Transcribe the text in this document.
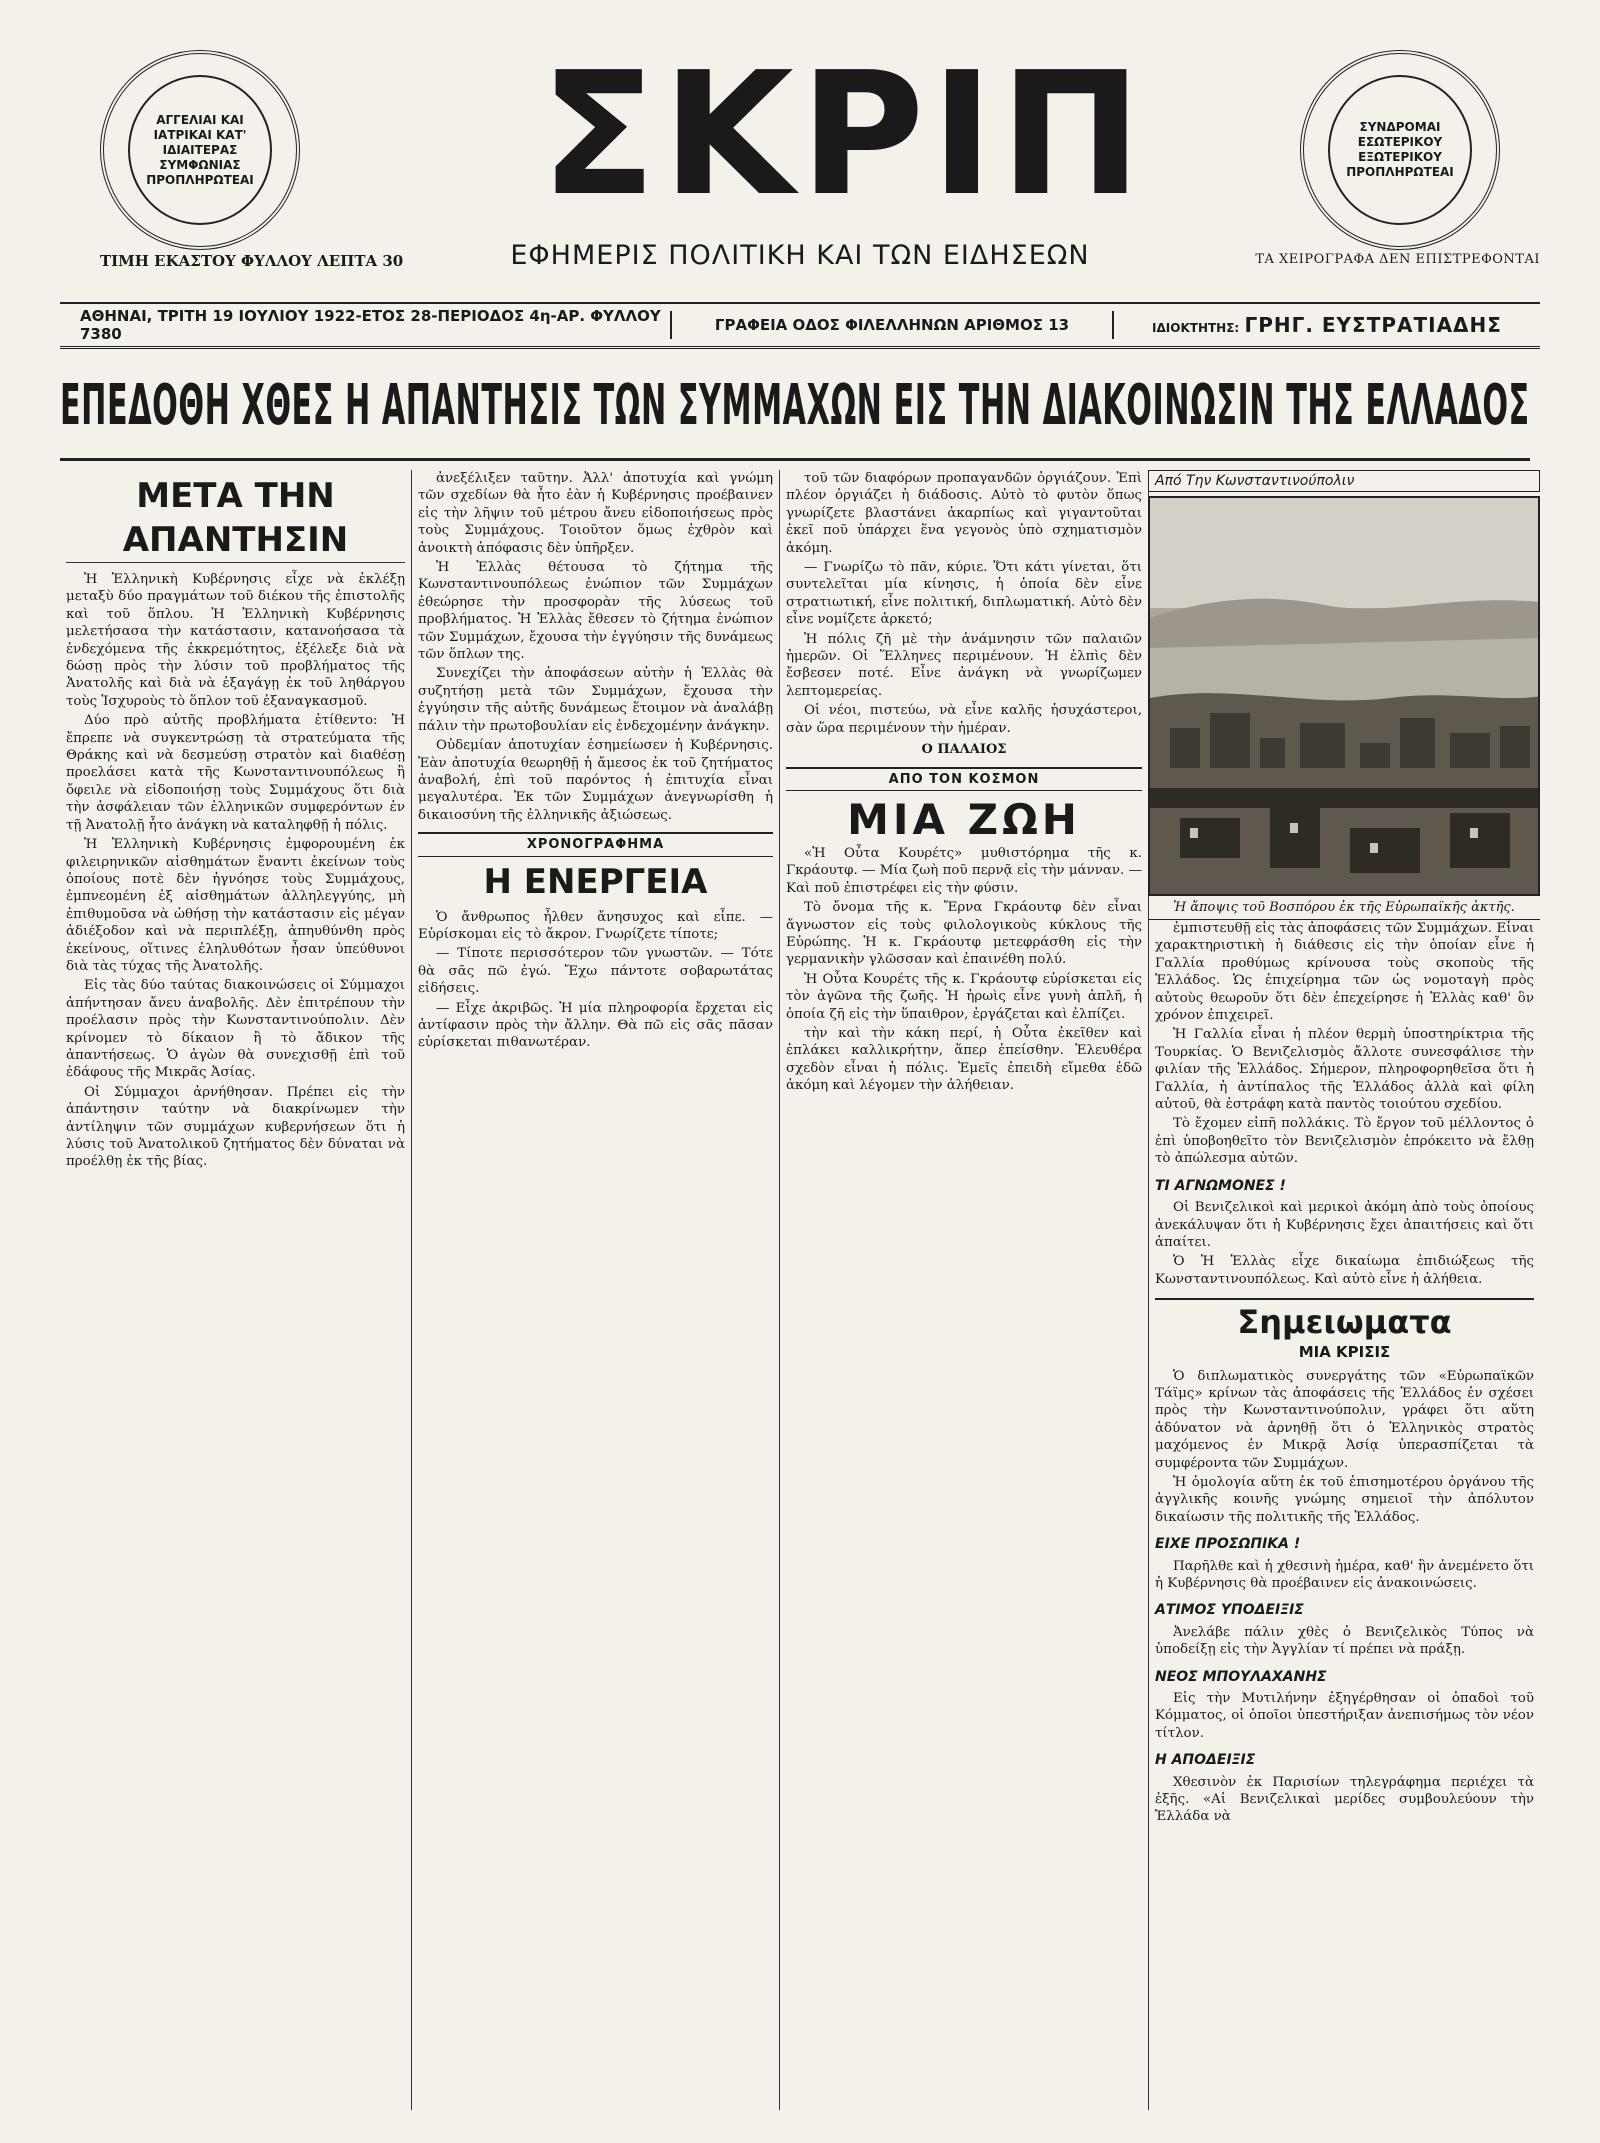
ΑΓΓΕΛΙΑΙ ΚΑΙ ΙΑΤΡΙΚΑΙ ΚΑΤ' ΙΔΙΑΙΤΕΡΑΣ ΣΥΜΦΩΝΙΑΣ ΠΡΟΠΛΗΡΩΤΕΑΙ ΣΚΡΙΠ	ΣΥΝΔΡΟΜΑΙ ΕΣΩΤΕΡΙΚΟΥ ΕΞΩΤΕΡΙΚΟΥ ΠΡΟΠΛΗΡΩΤΕΑΙ
ΤΙΜΗ ΕΚΑΣΤΟΥ ΦΥΛΛΟΥ ΛΕΠΤΑ 30	ΕΦΗΜΕΡΙΣ ΠΟΛΙΤΙΚΗ ΚΑΙ ΤΩΝ ΕΙΔΗΣΕΩΝ	ΤΑ ΧΕΙΡΟΓΡΑΦΑ ΔΕΝ ΕΠΙΣΤΡΕΦΟΝΤΑΙ
ΑΘΗΝΑΙ, ΤΡΙΤΗ 19 ΙΟΥΛΙΟΥ 1922-ΕΤΟΣ 28-ΠΕΡΙΟΔΟΣ 4η-ΑΡ. ΦΥΛΛΟΥ 7380	ΓΡΑΦΕΙΑ ΟΔΟΣ ΦΙΛΕΛΛΗΝΩΝ ΑΡΙΘΜΟΣ 13	ΙΔΙΟΚΤΗΤΗΣ: ΓΡΗΓ. ΕΥΣΤΡΑΤΙΑΔΗΣ
ΕΠΕΔΟΘΗ ΧΘΕΣ Η ΑΠΑΝΤΗΣΙΣ ΤΩΝ ΣΥΜΜΑΧΩΝ ΕΙΣ ΤΗΝ ΔΙΑΚΟΙΝΩΣΙΝ ΤΗΣ ΕΛΛΑΔΟΣ
ΜΕΤΑ ΤΗΝ ΑΠΑΝΤΗΣΙΝ

Ἡ Ἑλληνικὴ Κυβέρνησις εἶχε νὰ ἐκλέξῃ μεταξὺ δύο πραγμάτων τοῦ διέκου τῆς ἐπιστολῆς καὶ τοῦ ὅπλου. Ἡ Ἑλληνικὴ Κυβέρνησις μελετήσασα τὴν κατάστασιν, κατανοήσασα τὰ ἐνδεχόμενα τῆς ἐκκρεμότητος, ἐξέλεξε διὰ νὰ δώσῃ πρὸς τὴν λύσιν τοῦ προβλήματος τῆς Ἀνατολῆς καὶ διὰ νὰ ἐξαγάγῃ ἐκ τοῦ ληθάργου τοὺς Ἰσχυροὺς τὸ ὅπλον τοῦ ἐξαναγκασμοῦ.

Δύο πρὸ αὐτῆς προβλήματα ἐτίθεντο: Ἡ ἔπρεπε νὰ συγκεντρώσῃ τὰ στρατεύματα τῆς Θράκης καὶ νὰ δεσμεύσῃ στρατὸν καὶ διαθέσῃ προελάσει κατὰ τῆς Κωνσταντινουπόλεως ἢ ὄφειλε νὰ εἰδοποιήσῃ τοὺς Συμμάχους ὅτι διὰ τὴν ἀσφάλειαν τῶν ἐλληνικῶν συμφερόντων ἐν τῇ Ἀνατολῇ ἦτο ἀνάγκη νὰ καταληφθῇ ἡ πόλις.

Ἡ Ἑλληνικὴ Κυβέρνησις ἐμφορουμένη ἐκ φιλειρηνικῶν αἰσθημάτων ἔναντι ἐκείνων τοὺς ὁποίους ποτὲ δὲν ἠγνόησε τοὺς Συμμάχους, ἐμπνεομένη ἐξ αἰσθημάτων ἀλληλεγγύης, μὴ ἐπιθυμοῦσα νὰ ὠθήσῃ τὴν κατάστασιν εἰς μέγαν ἀδιέξοδον καὶ νὰ περιπλέξῃ, ἀπηυθύνθη πρὸς ἐκείνους, οἵτινες ἐληλυθότων ἦσαν ὑπεύθυνοι διὰ τὰς τύχας τῆς Ἀνατολῆς.

Εἰς τὰς δύο ταύτας διακοινώσεις οἱ Σύμμαχοι ἀπήντησαν ἄνευ ἀναβολῆς. Δὲν ἐπιτρέπουν τὴν προέλασιν πρὸς τὴν Κωνσταντινούπολιν. Δὲν κρίνομεν τὸ δίκαιον ἢ τὸ ἄδικον τῆς ἀπαντήσεως. Ὁ ἀγὼν θὰ συνεχισθῇ ἐπὶ τοῦ ἐδάφους τῆς Μικρᾶς Ἀσίας.

Οἱ Σύμμαχοι ἀρνήθησαν. Πρέπει εἰς τὴν ἀπάντησιν ταύτην νὰ διακρίνωμεν τὴν ἀντίληψιν τῶν συμμάχων κυβερνήσεων ὅτι ἡ λύσις τοῦ Ἀνατολικοῦ ζητήματος δὲν δύναται νὰ προέλθῃ ἐκ τῆς βίας.

ἀνεξέλιξεν ταῦτην. Ἀλλ' ἀποτυχία καὶ γνώμη τῶν σχεδίων θὰ ἦτο ἐὰν ἡ Κυβέρνησις προέβαινεν εἰς τὴν λῆψιν τοῦ μέτρου ἄνευ εἰδοποιήσεως πρὸς τοὺς Συμμάχους. Τοιοῦτον ὅμως ἐχθρὸν καὶ ἀνοικτὴ ἀπόφασις δὲν ὑπῆρξεν.

Ἡ Ἑλλὰς θέτουσα τὸ ζήτημα τῆς Κωνσταντινουπόλεως ἐνώπιον τῶν Συμμάχων ἐθεώρησε τὴν προσφορὰν τῆς λύσεως τοῦ προβλήματος. Ἡ Ἑλλὰς ἔθεσεν τὸ ζήτημα ἐνώπιον τῶν Συμμάχων, ἔχουσα τὴν ἐγγύησιν τῆς δυνάμεως τῶν ὅπλων της.

Συνεχίζει τὴν ἀποφάσεων αὐτὴν ἡ Ἑλλὰς θὰ συζητήσῃ μετὰ τῶν Συμμάχων, ἔχουσα τὴν ἐγγύησιν τῆς αὐτῆς δυνάμεως ἕτοιμον νὰ ἀναλάβῃ πάλιν τὴν πρωτοβουλίαν εἰς ἐνδεχομένην ἀνάγκην.

Οὐδεμίαν ἀποτυχίαν ἐσημείωσεν ἡ Κυβέρνησις. Ἐὰν ἀποτυχία θεωρηθῇ ἡ ἄμεσος ἐκ τοῦ ζητήματος ἀναβολή, ἐπὶ τοῦ παρόντος ἡ ἐπιτυχία εἶναι μεγαλυτέρα. Ἐκ τῶν Συμμάχων ἀνεγνωρίσθη ἡ δικαιοσύνη τῆς ἑλληνικῆς ἀξιώσεως.

ΧΡΟΝΟΓΡΑΦΗΜΑ
Η ΕΝΕΡΓΕΙΑ

Ὁ ἄνθρωπος ἦλθεν ἄνησυχος καὶ εἶπε. — Εὑρίσκομαι εἰς τὸ ἄκρον. Γνωρίζετε τίποτε;

— Τίποτε περισσότερον τῶν γνωστῶν. — Τότε θὰ σᾶς πῶ ἐγώ. Ἔχω πάντοτε σοβαρωτάτας εἰδήσεις.

— Εἶχε ἀκριβῶς. Ἡ μία πληροφορία ἔρχεται εἰς ἀντίφασιν πρὸς τὴν ἄλλην. Θὰ πῶ εἰς σᾶς πᾶσαν εὑρίσκεται πιθανωτέραν.

τοῦ τῶν διαφόρων προπαγανδῶν ὀργιάζουν. Ἐπὶ πλέον ὀργιάζει ἡ διάδοσις. Αὐτὸ τὸ φυτὸν ὅπως γνωρίζετε βλαστάνει ἀκαρπίως καὶ γιγαντοῦται ἐκεῖ ποῦ ὑπάρχει ἕνα γεγονὸς ὑπὸ σχηματισμὸν ἀκόμη.

— Γνωρίζω τὸ πᾶν, κύριε. Ὅτι κάτι γίνεται, ὅτι συντελεῖται μία κίνησις, ἡ ὁποία δὲν εἶνε στρατιωτική, εἶνε πολιτική, διπλωματική. Αὐτὸ δὲν εἶνε νομίζετε ἀρκετό;

Ἡ πόλις ζῆ μὲ τὴν ἀνάμνησιν τῶν παλαιῶν ἡμερῶν. Οἱ Ἕλληνες περιμένουν. Ἡ ἐλπὶς δὲν ἔσβεσεν ποτέ. Εἶνε ἀνάγκη νὰ γνωρίζωμεν λεπτομερείας.

Οἱ νέοι, πιστεύω, νὰ εἶνε καλῆς ἡσυχάστεροι, σὰν ὥρα περιμένουν τὴν ἡμέραν.

Ο ΠΑΛΑΙΟΣ
ΑΠΟ ΤΟΝ ΚΟΣΜΟΝ
ΜΙΑ ΖΩΗ

«Ἡ Οὖτα Κουρέτς» μυθιστόρημα τῆς κ. Γκράουτφ. — Μία ζωὴ ποῦ περνᾷ εἰς τὴν μάνναν. — Καὶ ποῦ ἐπιστρέφει εἰς τὴν φύσιν.

Τὸ ὄνομα τῆς κ. Ἔρνα Γκράουτφ δὲν εἶναι ἄγνωστον εἰς τοὺς φιλολογικοὺς κύκλους τῆς Εὐρώπης. Ἡ κ. Γκράουτφ μετεφράσθη εἰς τὴν γερμανικὴν γλῶσσαν καὶ ἐπαινέθη πολύ.

Ἡ Οὖτα Κουρέτς τῆς κ. Γκράουτφ εὑρίσκεται εἰς τὸν ἀγῶνα τῆς ζωῆς. Ἡ ἡρωὶς εἶνε γυνὴ ἀπλῆ, ἡ ὁποία ζῆ εἰς τὴν ὕπαιθρον, ἐργάζεται καὶ ἐλπίζει.

τὴν καὶ τὴν κάκη περί, ἡ Οὖτα ἐκεῖθεν καὶ ἐπλάκει καλλικρήτην, ἅπερ ἐπείσθην. Ἐλευθέρα σχεδὸν εἶναι ἡ πόλις. Ἐμεῖς ἐπειδὴ εἴμεθα ἐδῶ ἀκόμη καὶ λέγομεν τὴν ἀλήθειαν.

ἐμπιστευθῇ εἰς τὰς ἀποφάσεις τῶν Συμμάχων. Εἶναι χαρακτηριστικὴ ἡ διάθεσις εἰς τὴν ὁποίαν εἶνε ἡ Γαλλία προθύμως κρίνουσα τοὺς σκοποὺς τῆς Ἑλλάδος. Ὡς ἐπιχείρημα τῶν ὡς νομοταγὴ πρὸς αὐτοὺς θεωροῦν ὅτι δὲν ἐπεχείρησε ἡ Ἑλλὰς καθ' ὃν χρόνον ἐπιχειρεῖ.

Ἡ Γαλλία εἶναι ἡ πλέον θερμὴ ὑποστηρίκτρια τῆς Τουρκίας. Ὁ Βενιζελισμὸς ἄλλοτε συνεσφάλισε τὴν φιλίαν τῆς Ἑλλάδος. Σήμερον, πληροφορηθεῖσα ὅτι ἡ Γαλλία, ἡ ἀντίπαλος τῆς Ἑλλάδος ἀλλὰ καὶ φίλη αὐτοῦ, θὰ ἐστράφη κατὰ παντὸς τοιούτου σχεδίου.

Τὸ ἔχομεν εἰπῆ πολλάκις. Τὸ ἔργον τοῦ μέλλοντος ὁ ἐπὶ ὑποβοηθεῖτο τὸν Βενιζελισμὸν ἐπρόκειτο νὰ ἔλθῃ τὸ ἀπώλεσμα αὐτῶν.

ΤΙ ΑΓΝΩΜΟΝΕΣ !

Οἱ Βενιζελικοὶ καὶ μερικοὶ ἀκόμη ἀπὸ τοὺς ὁποίους ἀνεκάλυψαν ὅτι ἡ Κυβέρνησις ἔχει ἀπαιτήσεις καὶ ὅτι ἀπαίτει.

Ὁ Ἡ Ἑλλὰς εἶχε δικαίωμα ἐπιδιώξεως τῆς Κωνσταντινουπόλεως. Καὶ αὐτὸ εἶνε ἡ ἀλήθεια.

Σημειωματα
ΜΙΑ ΚΡΙΣΙΣ

Ὁ διπλωματικὸς συνεργάτης τῶν «Εὐρωπαϊκῶν Τάϊμς» κρίνων τὰς ἀποφάσεις τῆς Ἑλλάδος ἐν σχέσει πρὸς τὴν Κωνσταντινούπολιν, γράφει ὅτι αὕτη ἀδύνατον νὰ ἀρνηθῇ ὅτι ὁ Ἑλληνικὸς στρατὸς μαχόμενος ἐν Μικρᾷ Ἀσίᾳ ὑπερασπίζεται τὰ συμφέροντα τῶν Συμμάχων.

Ἡ ὁμολογία αὕτη ἐκ τοῦ ἐπισημοτέρου ὀργάνου τῆς ἀγγλικῆς κοινῆς γνώμης σημειοῖ τὴν ἀπόλυτον δικαίωσιν τῆς πολιτικῆς τῆς Ἑλλάδος.

ΕΙΧΕ ΠΡΟΣΩΠΙΚΑ !

Παρῆλθε καὶ ἡ χθεσινὴ ἡμέρα, καθ' ἣν ἀνεμένετο ὅτι ἡ Κυβέρνησις θὰ προέβαινεν εἰς ἀνακοινώσεις.

ΑΤΙΜΟΣ ΥΠΟΔΕΙΞΙΣ

Ἀνελάβε πάλιν χθὲς ὁ Βενιζελικὸς Τύπος νὰ ὑποδείξῃ εἰς τὴν Ἀγγλίαν τί πρέπει νὰ πράξῃ.

ΝΕΟΣ ΜΠΟΥΛΑΧΑΝΗΣ

Εἰς τὴν Μυτιλήνην ἐξηγέρθησαν οἱ ὀπαδοὶ τοῦ Κόμματος, οἱ ὁποῖοι ὑπεστήριξαν ἀνεπισήμως τὸν νέον τίτλον.

Η ΑΠΟΔΕΙΞΙΣ

Χθεσινὸν ἐκ Παρισίων τηλεγράφημα περιέχει τὰ ἑξῆς. «Αἱ Βενιζελικαὶ μερίδες συμβουλεύουν τὴν Ἑλλάδα νὰ

Από Την Κωνσταντινούπολιν
Ἡ ἄποψις τοῦ Βοσπόρου ἐκ τῆς Εὐρωπαϊκῆς ἀκτῆς.
